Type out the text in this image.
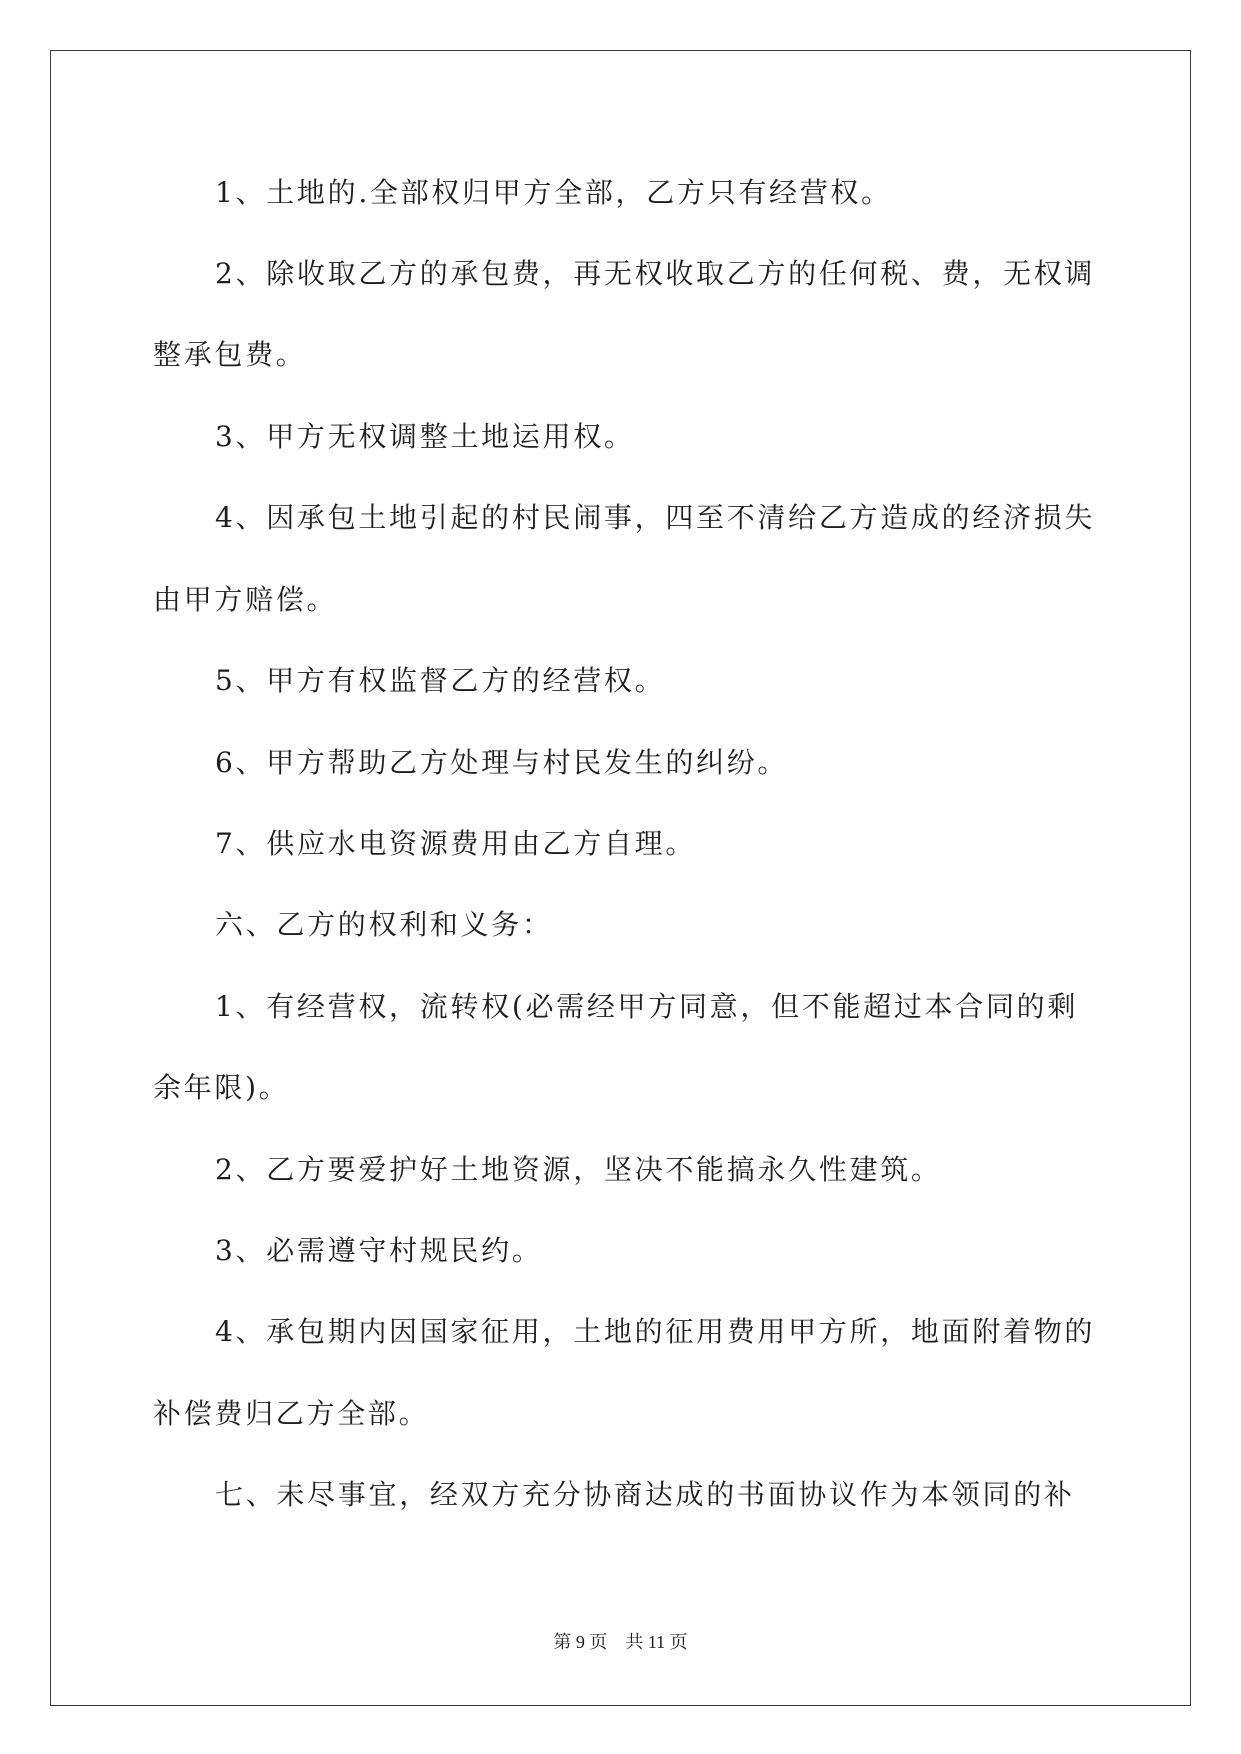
1、土地的.全部权归甲方全部，乙方只有经营权。
2、除收取乙方的承包费，再无权收取乙方的任何税、费，无权调
整承包费。
3、甲方无权调整土地运用权。
4、因承包土地引起的村民闹事，四至不清给乙方造成的经济损失
由甲方赔偿。
5、甲方有权监督乙方的经营权。
6、甲方帮助乙方处理与村民发生的纠纷。
7、供应水电资源费用由乙方自理。
六、乙方的权利和义务：
1、有经营权，流转权(必需经甲方同意，但不能超过本合同的剩
余年限)。
2、乙方要爱护好土地资源，坚决不能搞永久性建筑。
3、必需遵守村规民约。
4、承包期内因国家征用，土地的征用费用甲方所，地面附着物的
补偿费归乙方全部。
七、未尽事宜，经双方充分协商达成的书面协议作为本领同的补
第 9 页　共 11 页
